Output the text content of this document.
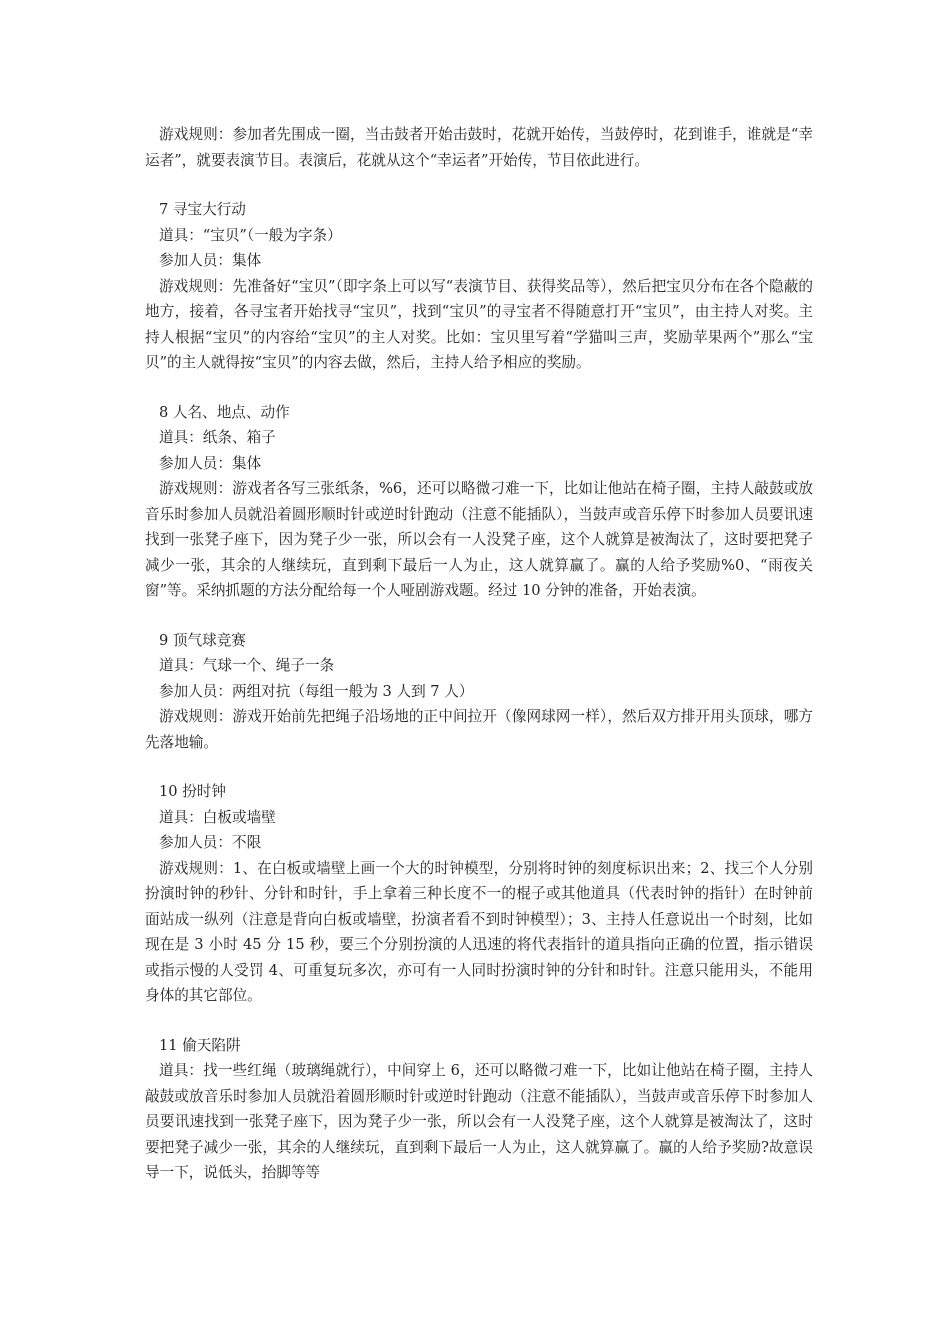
游戏规则：参加者先围成一圈，当击鼓者开始击鼓时，花就开始传，当鼓停时，花到谁手，谁就是“幸运者”，就要表演节目。表演后，花就从这个“幸运者”开始传，节目依此进行。

7 寻宝大行动

道具：“宝贝”（一般为字条）

参加人员：集体

游戏规则：先准备好“宝贝”（即字条上可以写“表演节目、获得奖品等），然后把宝贝分布在各个隐蔽的地方，接着，各寻宝者开始找寻“宝贝”，找到“宝贝”的寻宝者不得随意打开“宝贝”，由主持人对奖。主持人根据“宝贝”的内容给“宝贝”的主人对奖。比如：宝贝里写着“学猫叫三声，奖励苹果两个”那么“宝贝”的主人就得按“宝贝”的内容去做，然后，主持人给予相应的奖励。

8 人名、地点、动作

道具：纸条、箱子

参加人员：集体

游戏规则：游戏者各写三张纸条，%6，还可以略微刁难一下，比如让他站在椅子圈，主持人敲鼓或放音乐时参加人员就沿着圆形顺时针或逆时针跑动（注意不能插队），当鼓声或音乐停下时参加人员要讯速找到一张凳子座下，因为凳子少一张，所以会有一人没凳子座，这个人就算是被淘汰了，这时要把凳子减少一张，其余的人继续玩，直到剩下最后一人为止，这人就算赢了。赢的人给予奖励%0、“雨夜关窗”等。采纳抓题的方法分配给每一个人哑剧游戏题。经过 10 分钟的准备，开始表演。

9 顶气球竞赛

道具：气球一个、绳子一条

参加人员：两组对抗（每组一般为 3 人到 7 人）

游戏规则：游戏开始前先把绳子沿场地的正中间拉开（像网球网一样），然后双方排开用头顶球，哪方先落地输。

10 扮时钟

道具：白板或墙壁

参加人员：不限

游戏规则：1、在白板或墙壁上画一个大的时钟模型，分别将时钟的刻度标识出来；2、找三个人分别扮演时钟的秒针、分针和时针，手上拿着三种长度不一的棍子或其他道具（代表时钟的指针）在时钟前面站成一纵列（注意是背向白板或墙壁，扮演者看不到时钟模型）；3、主持人任意说出一个时刻，比如现在是 3 小时 45 分 15 秒，要三个分别扮演的人迅速的将代表指针的道具指向正确的位置，指示错误或指示慢的人受罚 4、可重复玩多次，亦可有一人同时扮演时钟的分针和时针。注意只能用头，不能用身体的其它部位。

11 偷天陷阱

道具：找一些红绳（玻璃绳就行），中间穿上 6，还可以略微刁难一下，比如让他站在椅子圈，主持人敲鼓或放音乐时参加人员就沿着圆形顺时针或逆时针跑动（注意不能插队），当鼓声或音乐停下时参加人员要讯速找到一张凳子座下，因为凳子少一张，所以会有一人没凳子座，这个人就算是被淘汰了，这时要把凳子减少一张，其余的人继续玩，直到剩下最后一人为止，这人就算赢了。赢的人给予奖励?故意误导一下，说低头，抬脚等等
